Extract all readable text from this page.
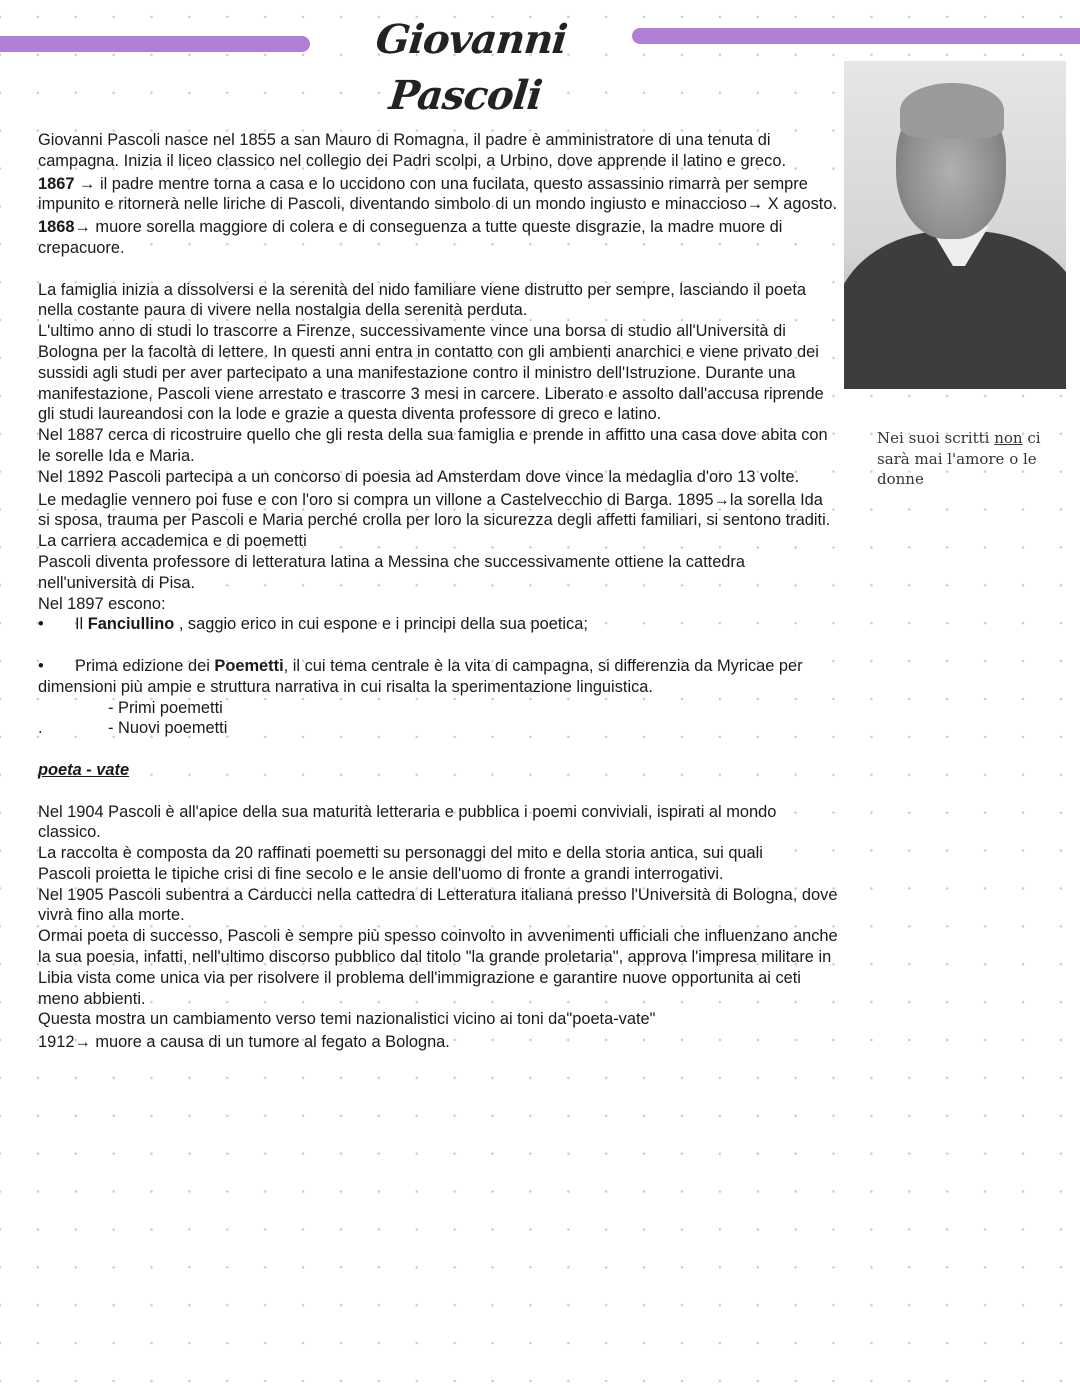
Giovanni Pascoli
Nei suoi scritti non ci sarà mai l'amore o le donne

Giovanni Pascoli nasce nel 1855 a san Mauro di Romagna, il padre è amministratore di una tenuta di campagna. Inizia il liceo classico nel collegio dei Padri scolpi, a Urbino, dove apprende il latino e greco.

1867 → il padre mentre torna a casa e lo uccidono con una fucilata, questo assassinio rimarrà per sempre impunito e ritornerà nelle liriche di Pascoli, diventando simbolo di un mondo ingiusto e minaccioso→ X agosto.

1868→ muore sorella maggiore di colera e di conseguenza a tutte queste disgrazie, la madre muore di crepacuore.

La famiglia inizia a dissolversi e la serenità del nido familiare viene distrutto per sempre, lasciando il poeta nella costante paura di vivere nella nostalgia della serenità perduta.

L'ultimo anno di studi lo trascorre a Firenze, successivamente vince una borsa di studio all'Università di Bologna per la facoltà di lettere. In questi anni entra in contatto con gli ambienti anarchici e viene privato dei sussidi agli studi per aver partecipato a una manifestazione contro il ministro dell'Istruzione. Durante una manifestazione, Pascoli viene arrestato e trascorre 3 mesi in carcere. Liberato e assolto dall'accusa riprende gli studi laureandosi con la lode e grazie a questa diventa professore di greco e latino.

Nel 1887 cerca di ricostruire quello che gli resta della sua famiglia e prende in affitto una casa dove abita con le sorelle Ida e Maria.

Nel 1892 Pascoli partecipa a un concorso di poesia ad Amsterdam dove vince la medaglia d'oro 13 volte.

Le medaglie vennero poi fuse e con l'oro si compra un villone a Castelvecchio di Barga. 1895→la sorella Ida si sposa, trauma per Pascoli e Maria perché crolla per loro la sicurezza degli affetti familiari, si sentono traditi.

La carriera accademica e di poemetti

Pascoli diventa professore di letteratura latina a Messina che successivamente ottiene la cattedra nell'università di Pisa.

Nel 1897 escono:

• Il Fanciullino , saggio erico in cui espone e i principi della sua poetica;

• Prima edizione dei Poemetti, il cui tema centrale è la vita di campagna, si differenzia da Myricae per dimensioni più ampie e struttura narrativa in cui risalta la sperimentazione linguistica.

- Primi poemetti

.	- Nuovi poemetti

poeta - vate

Nel 1904 Pascoli è all'apice della sua maturità letteraria e pubblica i poemi conviviali, ispirati al mondo classico.

La raccolta è composta da 20 raffinati poemetti su personaggi del mito e della storia antica, sui quali

Pascoli proietta le tipiche crisi di fine secolo e le ansie dell'uomo di fronte a grandi interrogativi.

Nel 1905 Pascoli subentra a Carducci nella cattedra di Letteratura italiana presso l'Università di Bologna, dove vivrà fino alla morte.

Ormai poeta di successo, Pascoli è sempre più spesso coinvolto in avvenimenti ufficiali che influenzano anche la sua poesia, infatti, nell'ultimo discorso pubblico dal titolo "la grande proletaria", approva l'impresa militare in Libia vista come unica via per risolvere il problema dell'immigrazione e garantire nuove opportunita ai ceti meno abbienti.

Questa mostra un cambiamento verso temi nazionalistici vicino ai toni da"poeta-vate"

1912→ muore a causa di un tumore al fegato a Bologna.
